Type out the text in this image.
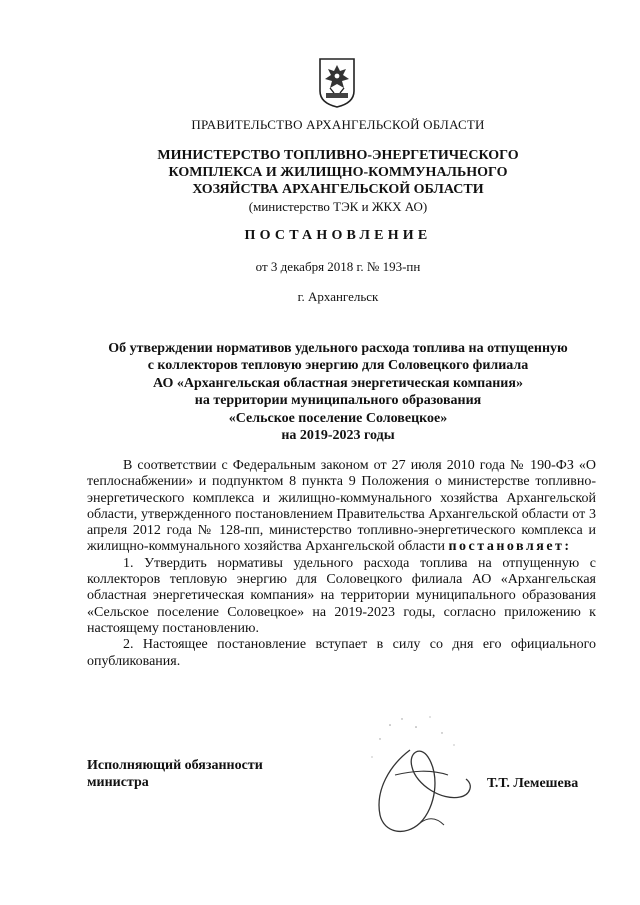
ПРАВИТЕЛЬСТВО АРХАНГЕЛЬСКОЙ ОБЛАСТИ
МИНИСТЕРСТВО ТОПЛИВНО-ЭНЕРГЕТИЧЕСКОГО
КОМПЛЕКСА И ЖИЛИЩНО-КОММУНАЛЬНОГО
ХОЗЯЙСТВА АРХАНГЕЛЬСКОЙ ОБЛАСТИ
(министерство ТЭК и ЖКХ АО)
ПОСТАНОВЛЕНИЕ
от 3 декабря 2018 г. № 193-пн
г. Архангельск
Об утверждении нормативов удельного расхода топлива на отпущенную
с коллекторов тепловую энергию для Соловецкого филиала
АО «Архангельская областная энергетическая компания»
на территории муниципального образования
«Сельское поселение Соловецкое»
на 2019-2023 годы

В соответствии с Федеральным законом от 27 июля 2010 года № 190-ФЗ «О теплоснабжении» и подпунктом 8 пункта 9 Положения о министерстве топливно-энергетического комплекса и жилищно-коммунального хозяйства Архангельской области, утвержденного постановлением Правительства Архангельской области от 3 апреля 2012 года № 128-пп, министерство топливно-энергетического комплекса и жилищно-коммунального хозяйства Архангельской области постановляет:

1. Утвердить нормативы удельного расхода топлива на отпущенную с коллекторов тепловую энергию для Соловецкого филиала АО «Архангельская областная энергетическая компания» на территории муниципального образования «Сельское поселение Соловецкое» на 2019-2023 годы, согласно приложению к настоящему постановлению.

2. Настоящее постановление вступает в силу со дня его официального опубликования.

Исполняющий обязанности
министра	Т.Т. Лемешева
